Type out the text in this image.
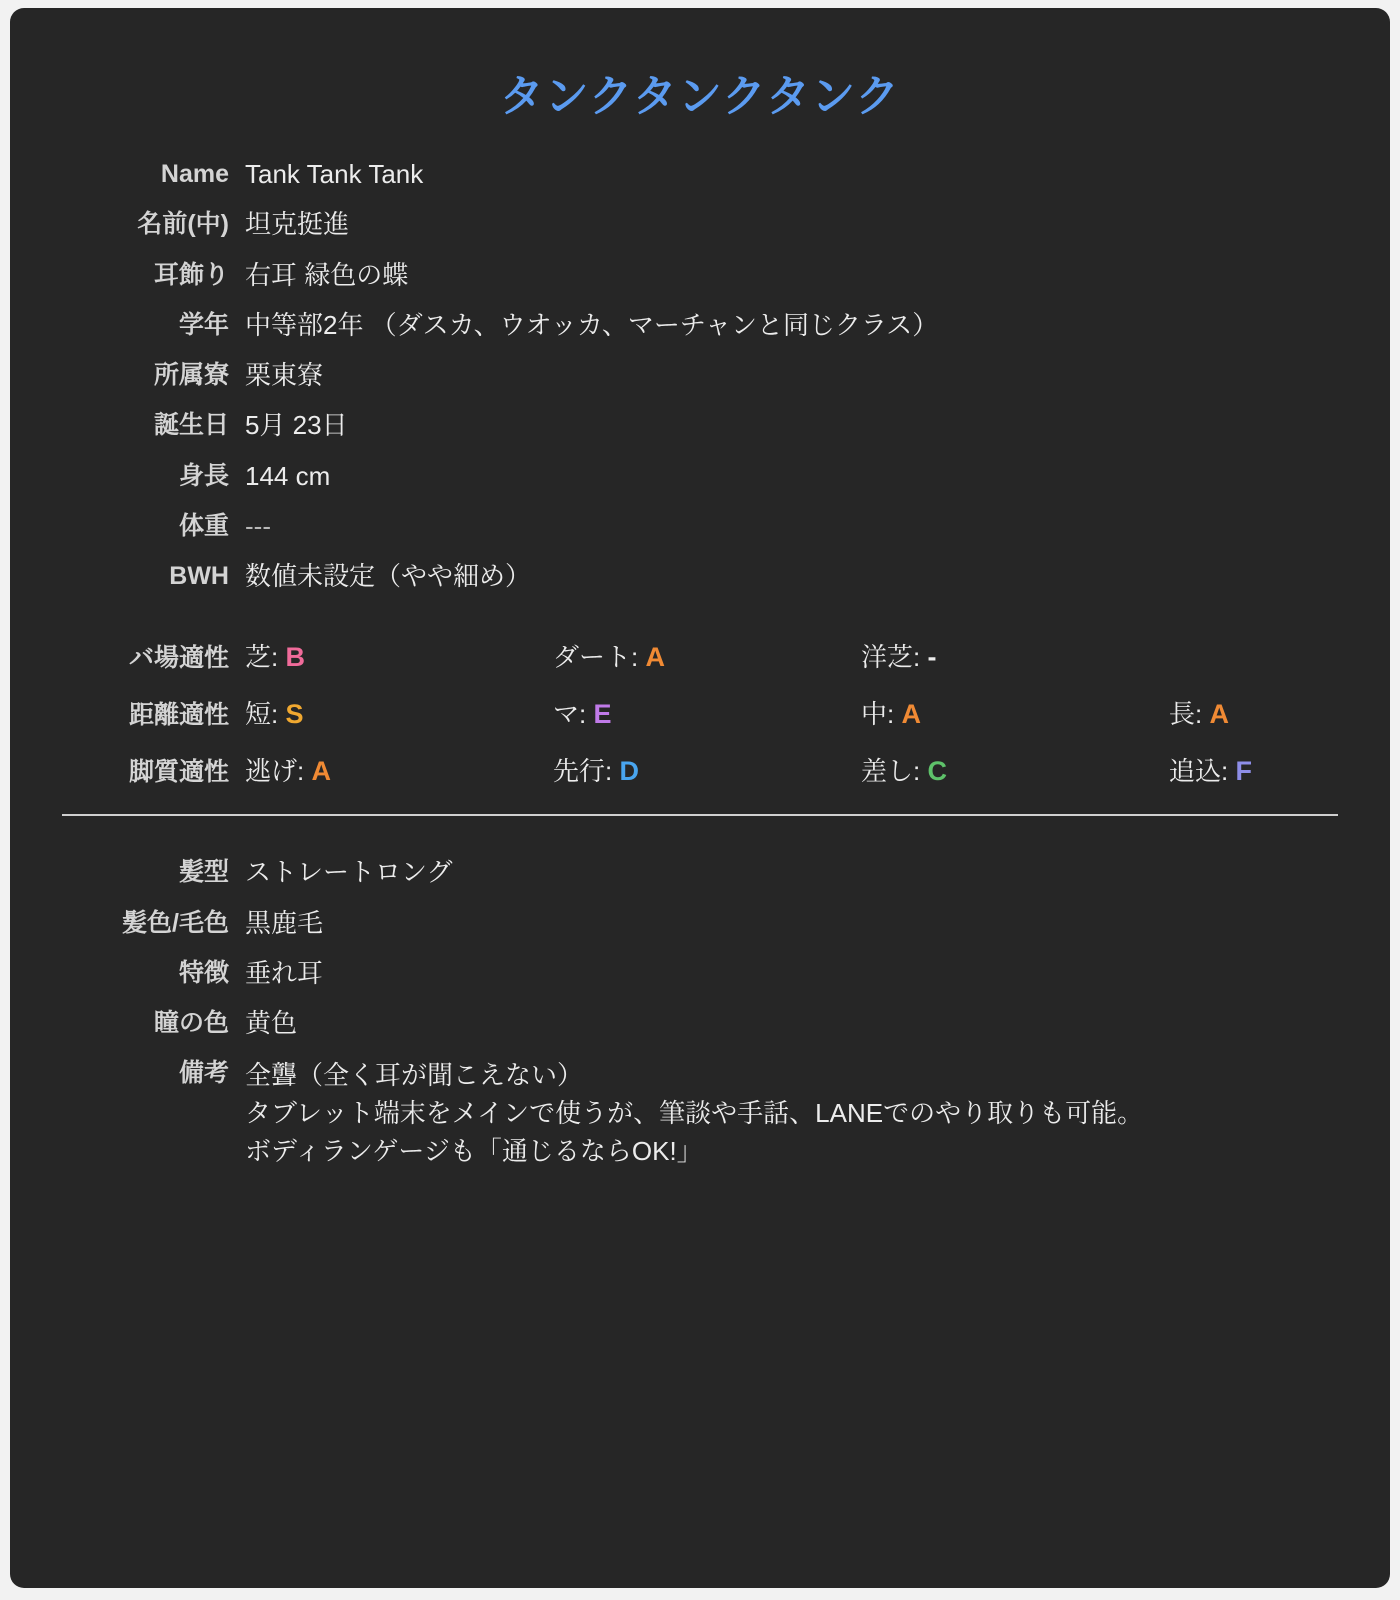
タンクタンクタンク
Name Tank Tank Tank
名前(中) 坦克挺進
耳飾り 右耳 緑色の蝶
学年 中等部2年 （ダスカ、ウオッカ、マーチャンと同じクラス）
所属寮 栗東寮
誕生日 5月 23日
身長 144 cm
体重 ---
BWH 数値未設定（やや細め）
バ場適性 芝: B	ダート: A	洋芝: -
距離適性 短: S	マ: E	中: A	長: A
脚質適性 逃げ: A	先行: D	差し: C	追込: F
髪型 ストレートロング
髪色/毛色 黒鹿毛
特徴 垂れ耳
瞳の色 黄色
備考 全聾（全く耳が聞こえない）
タブレット端末をメインで使うが、筆談や手話、LANEでのやり取りも可能。
ボディランゲージも「通じるならOK!」
